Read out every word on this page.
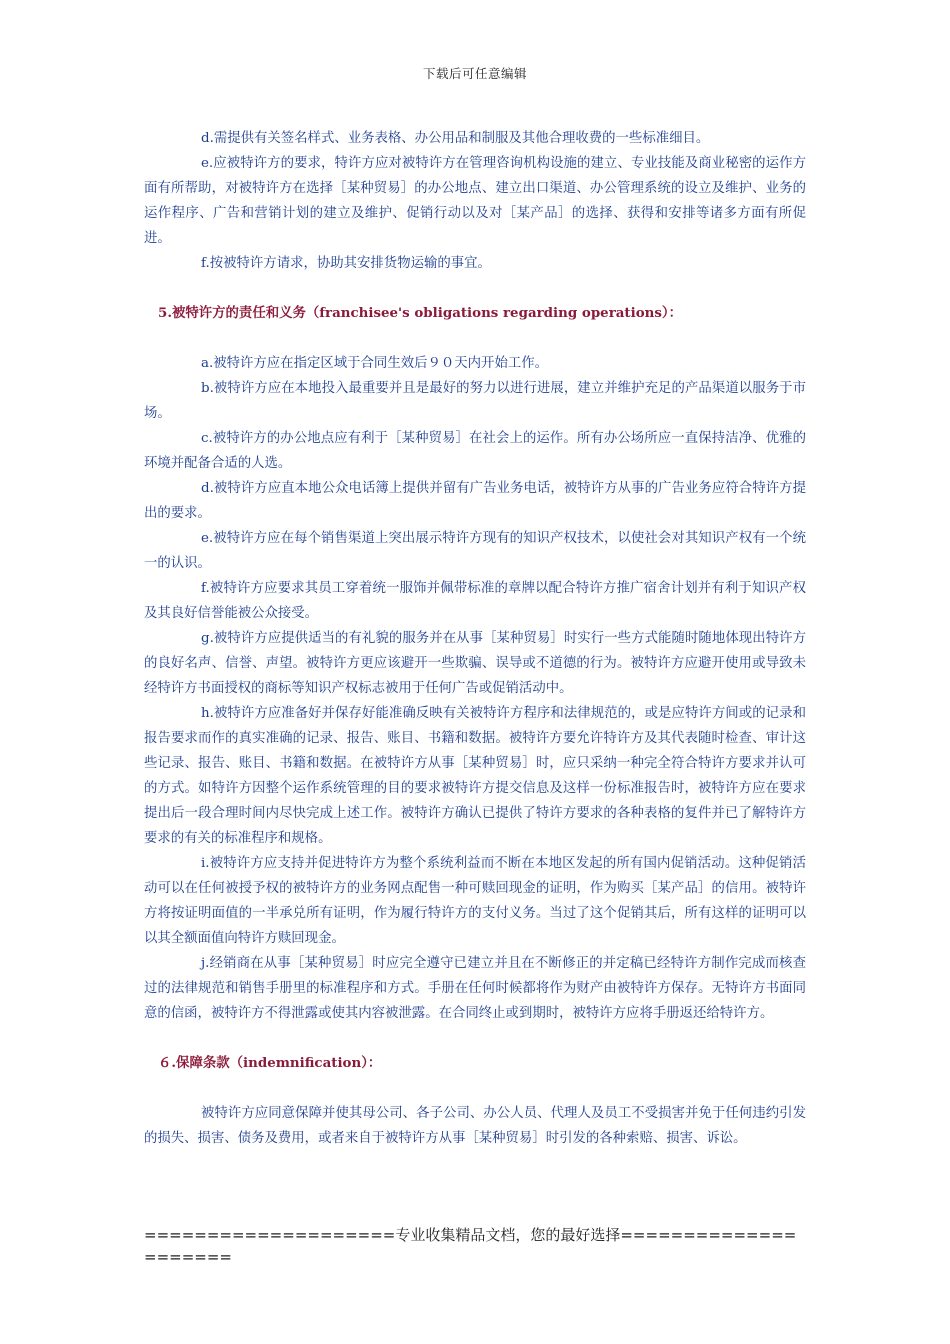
下载后可任意编辑

d.需提供有关签名样式、业务表格、办公用品和制服及其他合理收费的一些标准细目。

e.应被特许方的要求，特许方应对被特许方在管理咨询机构设施的建立、专业技能及商业秘密的运作方面有所帮助，对被特许方在选择［某种贸易］的办公地点、建立出口渠道、办公管理系统的设立及维护、业务的运作程序、广告和营销计划的建立及维护、促销行动以及对［某产品］的选择、获得和安排等诸多方面有所促进。

f.按被特许方请求，协助其安排货物运输的事宜。

5.被特许方的责任和义务（franchisee's obligations regarding operations）：

a.被特许方应在指定区域于合同生效后９０天内开始工作。

b.被特许方应在本地投入最重要并且是最好的努力以进行进展，建立并维护充足的产品渠道以服务于市场。

c.被特许方的办公地点应有利于［某种贸易］在社会上的运作。所有办公场所应一直保持洁净、优雅的环境并配备合适的人选。

d.被特许方应直本地公众电话簿上提供并留有广告业务电话，被特许方从事的广告业务应符合特许方提出的要求。

e.被特许方应在每个销售渠道上突出展示特许方现有的知识产权技术，以使社会对其知识产权有一个统一的认识。

f.被特许方应要求其员工穿着统一服饰并佩带标准的章牌以配合特许方推广宿舍计划并有利于知识产权及其良好信誉能被公众接受。

g.被特许方应提供适当的有礼貌的服务并在从事［某种贸易］时实行一些方式能随时随地体现出特许方的良好名声、信誉、声望。被特许方更应该避开一些欺骗、误导或不道德的行为。被特许方应避开使用或导致未经特许方书面授权的商标等知识产权标志被用于任何广告或促销活动中。

h.被特许方应准备好并保存好能准确反映有关被特许方程序和法律规范的，或是应特许方间或的记录和报告要求而作的真实准确的记录、报告、账目、书籍和数据。被特许方要允许特许方及其代表随时检查、审计这些记录、报告、账目、书籍和数据。在被特许方从事［某种贸易］时，应只采纳一种完全符合特许方要求并认可的方式。如特许方因整个运作系统管理的目的要求被特许方提交信息及这样一份标准报告时，被特许方应在要求提出后一段合理时间内尽快完成上述工作。被特许方确认已提供了特许方要求的各种表格的复件并已了解特许方要求的有关的标准程序和规格。

i.被特许方应支持并促进特许方为整个系统利益而不断在本地区发起的所有国内促销活动。这种促销活动可以在任何被授予权的被特许方的业务网点配售一种可赎回现金的证明，作为购买［某产品］的信用。被特许方将按证明面值的一半承兑所有证明，作为履行特许方的支付义务。当过了这个促销其后，所有这样的证明可以以其全额面值向特许方赎回现金。

j.经销商在从事［某种贸易］时应完全遵守已建立并且在不断修正的并定稿已经特许方制作完成而核查过的法律规范和销售手册里的标准程序和方式。手册在任何时候都将作为财产由被特许方保存。无特许方书面同意的信函，被特许方不得泄露或使其内容被泄露。在合同终止或到期时，被特许方应将手册返还给特许方。

６.保障条款（indemnification）：

被特许方应同意保障并使其母公司、各子公司、办公人员、代理人及员工不受损害并免于任何违约引发的损失、损害、债务及费用，或者来自于被特许方从事［某种贸易］时引发的各种索赔、损害、诉讼。

====================专业收集精品文档，您的最好选择=====================
